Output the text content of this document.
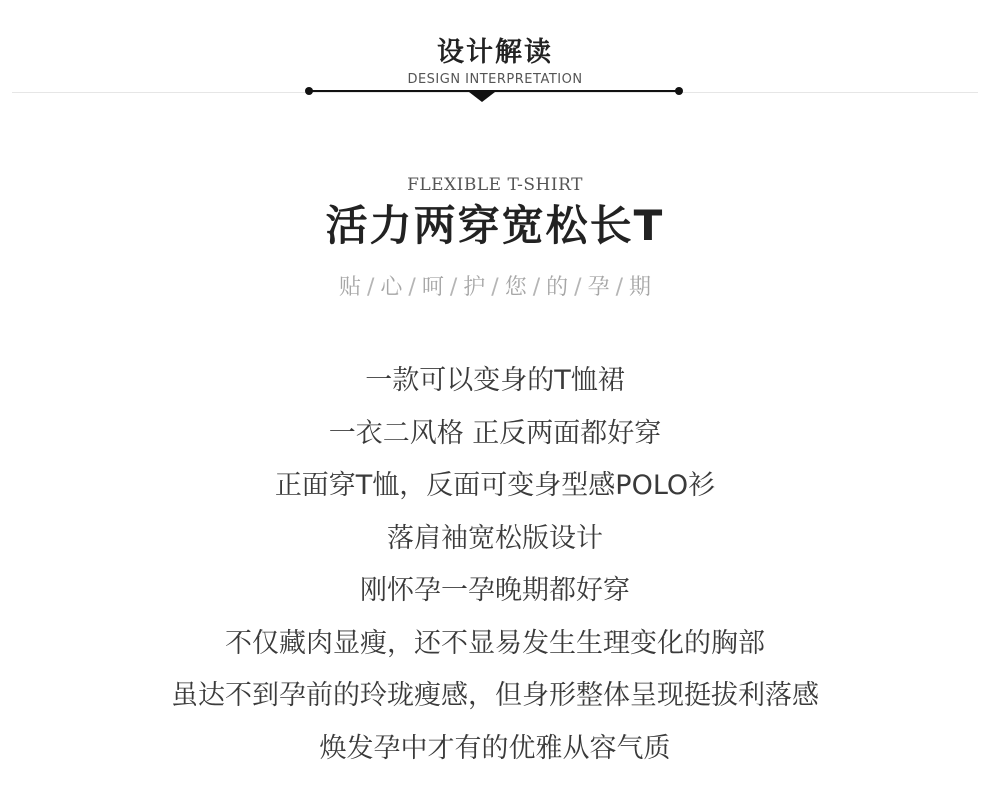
设计解读
DESIGN INTERPRETATION
FLEXIBLE T-SHIRT
活力两穿宽松长T
贴 / 心 / 呵 / 护 / 您 / 的 / 孕 / 期
一款可以变身的T恤裙
一衣二风格 正反两面都好穿
正面穿T恤，反面可变身型感POLO衫
落肩袖宽松版设计
刚怀孕一孕晚期都好穿
不仅藏肉显瘦，还不显易发生生理变化的胸部
虽达不到孕前的玲珑瘦感，但身形整体呈现挺拔利落感
焕发孕中才有的优雅从容气质
